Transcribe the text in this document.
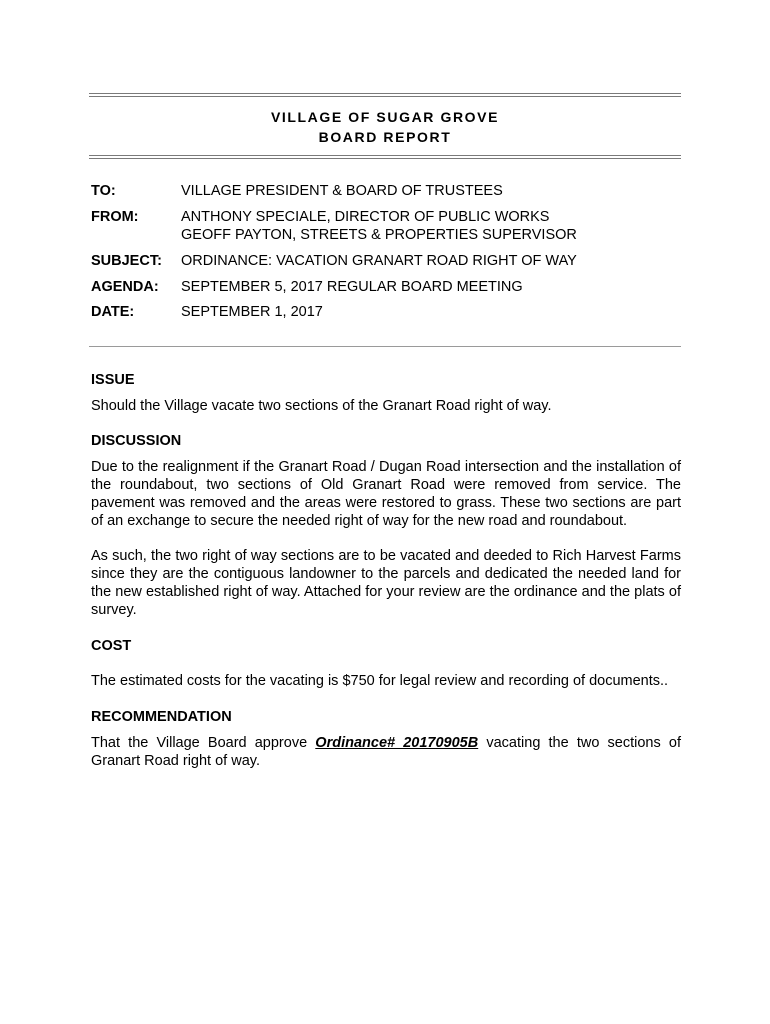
VILLAGE OF SUGAR GROVE
BOARD REPORT
TO:	VILLAGE PRESIDENT & BOARD OF TRUSTEES
FROM:	ANTHONY SPECIALE, DIRECTOR OF PUBLIC WORKS
GEOFF PAYTON, STREETS & PROPERTIES SUPERVISOR
SUBJECT: ORDINANCE: VACATION GRANART ROAD RIGHT OF WAY
AGENDA: SEPTEMBER 5, 2017 REGULAR BOARD MEETING
DATE:	SEPTEMBER 1, 2017
ISSUE
Should the Village vacate two sections of the Granart Road right of way.
DISCUSSION
Due to the realignment if the Granart Road / Dugan Road intersection and the installation of the roundabout, two sections of Old Granart Road were removed from service. The pavement was removed and the areas were restored to grass. These two sections are part of an exchange to secure the needed right of way for the new road and roundabout.
As such, the two right of way sections are to be vacated and deeded to Rich Harvest Farms since they are the contiguous landowner to the parcels and dedicated the needed land for the new established right of way. Attached for your review are the ordinance and the plats of survey.
COST
The estimated costs for the vacating is $750 for legal review and recording of documents..
RECOMMENDATION
That the Village Board approve Ordinance# 20170905B vacating the two sections of Granart Road right of way.
